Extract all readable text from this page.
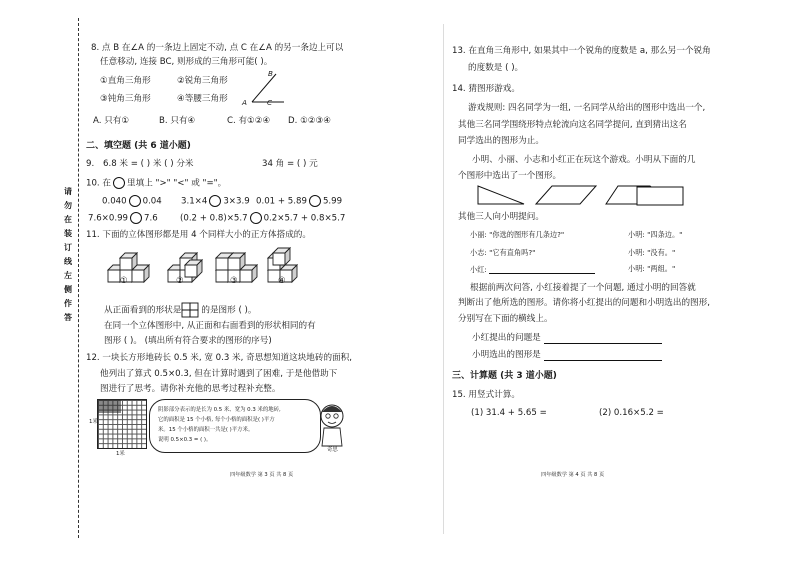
请
勿
在
装
订
线
左
侧
作
答
8. 点 B 在∠A 的一条边上固定不动, 点 C 在∠A 的另一条边上可以
任意移动, 连接 BC, 则形成的三角形可能( )。
①直角三角形	②锐角三角形
③钝角三角形	④等腰三角形
B
A	C
A. 只有①	B. 只有④	C. 有①②④ D. ①②③④
二、填空题 (共 6 道小题)
9. 6.8 米 = ( ) 米 ( ) 分米	34 角 = ( ) 元
10. 在 里填上 ">" "<" 或 "="。
0.040 0.04 3.1×4 3×3.9 0.01 + 5.89 5.99
7.6×0.99 7.6	(0.2 + 0.8)×5.7 0.2×5.7 + 0.8×5.7
11. 下面的立体图形都是用 4 个同样大小的正方体搭成的。
①	②	③	④
从正面看到的形状是 的是图形 ( )。
在同一个立体图形中, 从正面和右面看到的形状相同的有
图形 ( )。 (填出所有符合要求的图形的序号)
12. 一块长方形地砖长 0.5 米, 宽 0.3 米, 奇思想知道这块地砖的面积,
他列出了算式 0.5×0.3, 但在计算时遇到了困难, 于是他借助下
图进行了思考。请你补充他的思考过程补充整。
1米
1米
阴影部分表示的是长为 0.5 米、宽为 0.3 米的地砖,
它的面积是 15 个小格, 每个小格的面积是( )平方
米。15 个小格的面积一共是( )平方米。
说明 0.5×0.3 = ( )。
奇思
四年级数学 第 3 页 共 8 页
13. 在直角三角形中, 如果其中一个锐角的度数是 a, 那么另一个锐角
的度数是 ( )。
14. 猜图形游戏。
游戏规则: 四名同学为一组, 一名同学从给出的图形中选出一个,
其他三名同学围绕形特点轮流向这名同学提问, 直到猜出这名
同学选出的图形为止。
小明、小丽、小志和小红正在玩这个游戏。小明从下面的几
个图形中选出了一个图形。
其他三人向小明提问。
小丽: "你选的图形有几条边?"	小明: "四条边。"
小志: "它有直角吗?"	小明: "没有。"
小红:	小明: "两组。"
根据前两次问答, 小红接着提了一个问题, 通过小明的回答就
判断出了他所选的图形。请你将小红提出的问题和小明选出的图形,
分别写在下面的横线上。
小红提出的问题是
小明选出的图形是
三、计算题 (共 3 道小题)
15. 用竖式计算。
(1) 31.4 + 5.65 =	(2) 0.16×5.2 =
四年级数学 第 4 页 共 8 页
